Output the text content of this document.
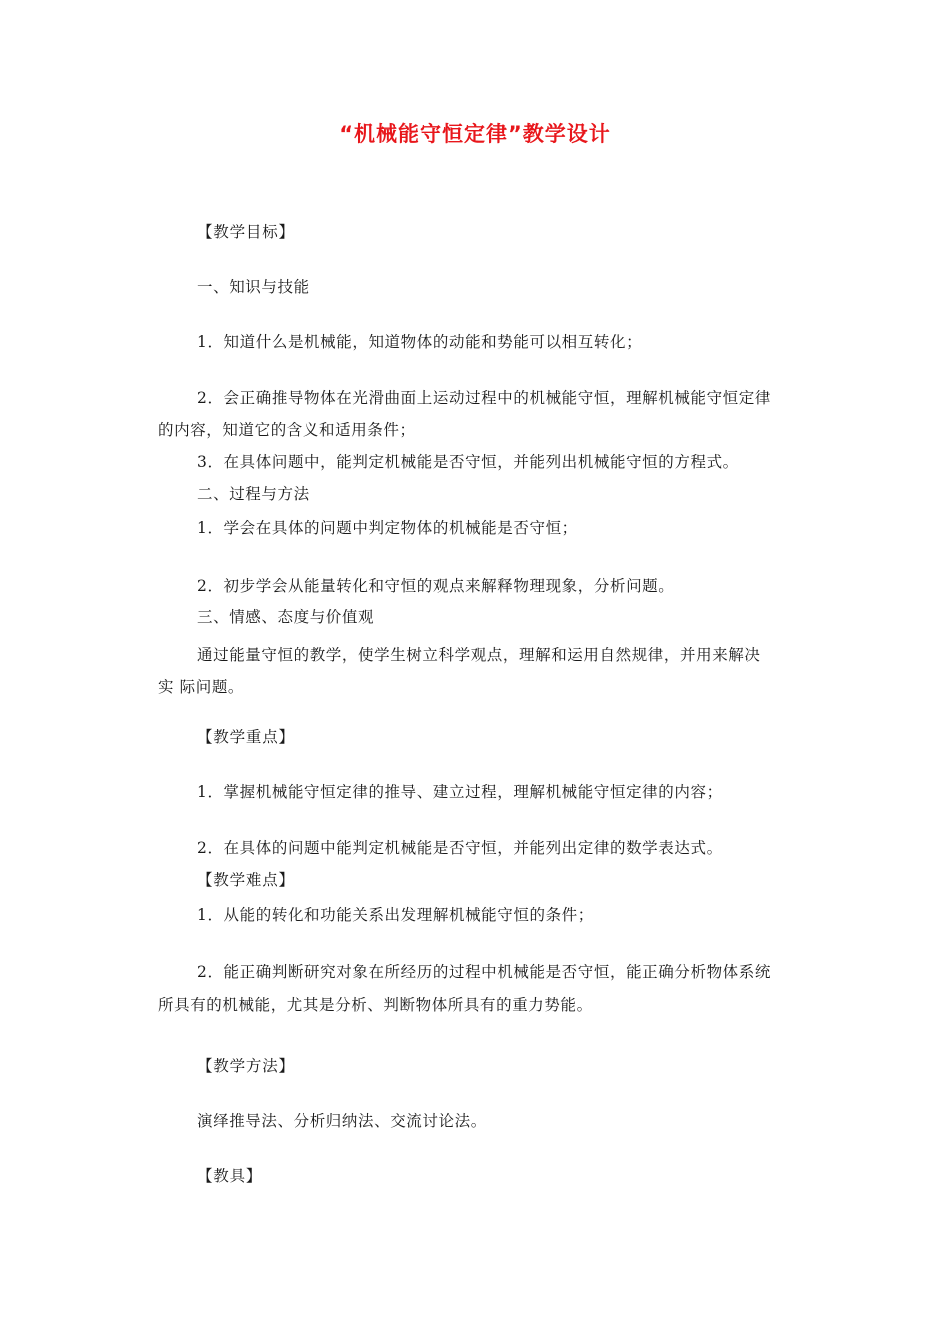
“机械能守恒定律”教学设计
【教学目标】
一、知识与技能
1．知道什么是机械能，知道物体的动能和势能可以相互转化；
2．会正确推导物体在光滑曲面上运动过程中的机械能守恒，理解机械能守恒定律
的内容，知道它的含义和适用条件；
3．在具体问题中，能判定机械能是否守恒，并能列出机械能守恒的方程式。
二、过程与方法
1．学会在具体的问题中判定物体的机械能是否守恒；
2．初步学会从能量转化和守恒的观点来解释物理现象，分析问题。
三、情感、态度与价值观
通过能量守恒的教学，使学生树立科学观点，理解和运用自然规律，并用来解决
实 际问题。
【教学重点】
1．掌握机械能守恒定律的推导、建立过程，理解机械能守恒定律的内容；
2．在具体的问题中能判定机械能是否守恒，并能列出定律的数学表达式。
【教学难点】
1．从能的转化和功能关系出发理解机械能守恒的条件；
2．能正确判断研究对象在所经历的过程中机械能是否守恒，能正确分析物体系统
所具有的机械能，尤其是分析、判断物体所具有的重力势能。
【教学方法】
演绎推导法、分析归纳法、交流讨论法。
【教具】
